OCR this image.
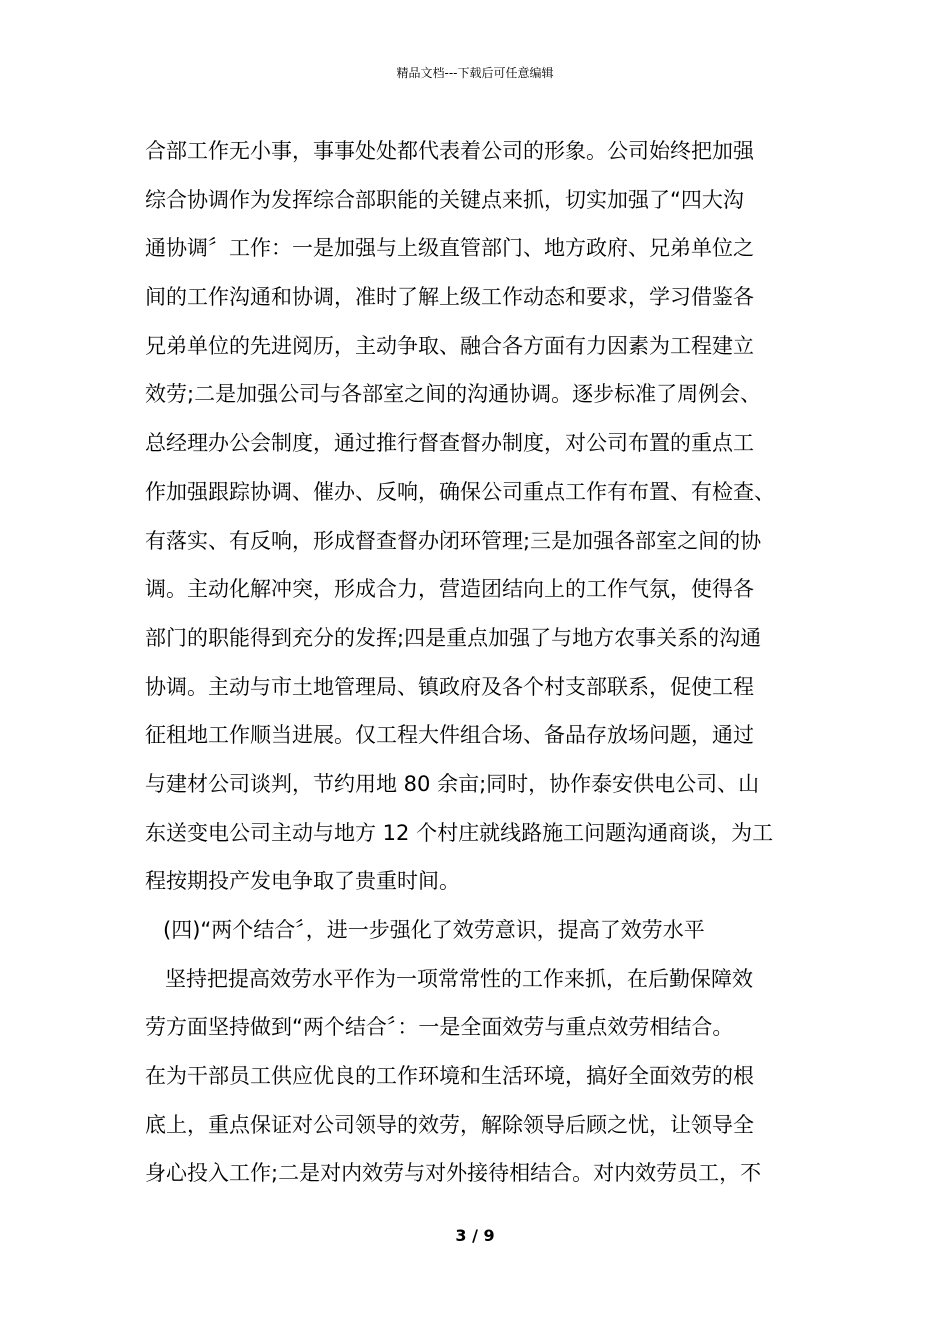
精品文档---下载后可任意编辑
合部工作无小事，事事处处都代表着公司的形象。公司始终把加强
综合协调作为发挥综合部职能的关键点来抓，切实加强了“四大沟
通协调〞工作：一是加强与上级直管部门、地方政府、兄弟单位之
间的工作沟通和协调，准时了解上级工作动态和要求，学习借鉴各
兄弟单位的先进阅历，主动争取、融合各方面有力因素为工程建立
效劳;二是加强公司与各部室之间的沟通协调。逐步标准了周例会、
总经理办公会制度，通过推行督查督办制度，对公司布置的重点工
作加强跟踪协调、催办、反响，确保公司重点工作有布置、有检查、
有落实、有反响，形成督查督办闭环管理;三是加强各部室之间的协
调。主动化解冲突，形成合力，营造团结向上的工作气氛，使得各
部门的职能得到充分的发挥;四是重点加强了与地方农事关系的沟通
协调。主动与市土地管理局、镇政府及各个村支部联系，促使工程
征租地工作顺当进展。仅工程大件组合场、备品存放场问题，通过
与建材公司谈判，节约用地 80 余亩;同时，协作泰安供电公司、山
东送变电公司主动与地方 12 个村庄就线路施工问题沟通商谈，为工
程按期投产发电争取了贵重时间。
(四)“两个结合〞，进一步强化了效劳意识，提高了效劳水平
坚持把提高效劳水平作为一项常常性的工作来抓，在后勤保障效
劳方面坚持做到“两个结合〞：一是全面效劳与重点效劳相结合。
在为干部员工供应优良的工作环境和生活环境，搞好全面效劳的根
底上，重点保证对公司领导的效劳，解除领导后顾之忧，让领导全
身心投入工作;二是对内效劳与对外接待相结合。对内效劳员工，不
3 / 9
